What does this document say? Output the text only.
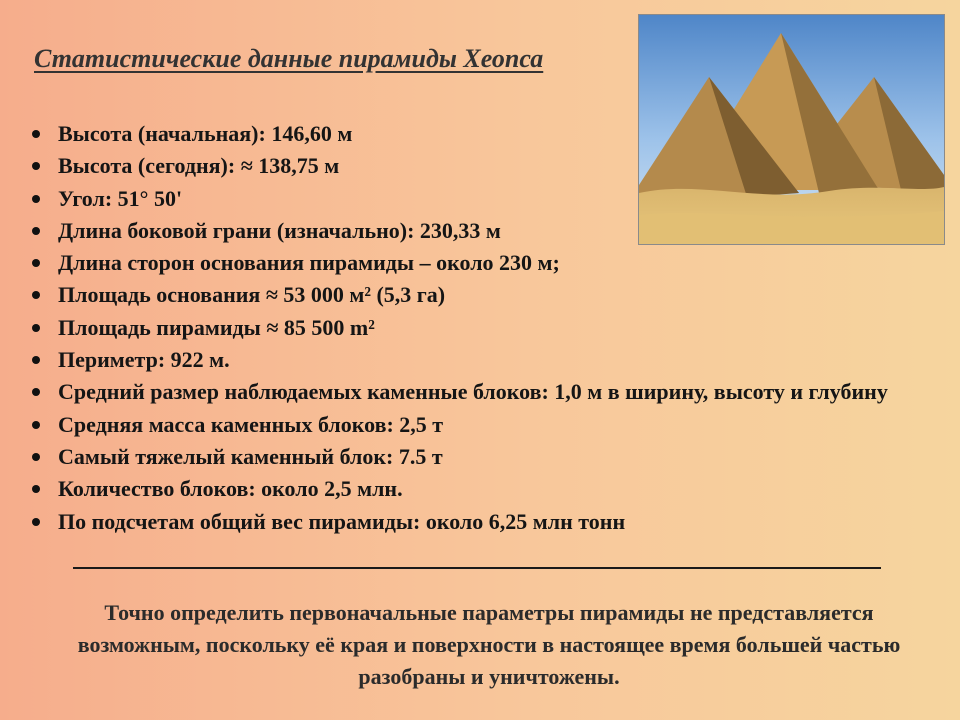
Статистические данные пирамиды Хеопса
Высота (начальная): 146,60 м
Высота (сегодня): ≈ 138,75 м
Угол: 51° 50'
Длина боковой грани (изначально): 230,33 м
Длина сторон основания пирамиды – около 230 м;
Площадь основания ≈ 53 000 м² (5,3 га)
Площадь пирамиды ≈ 85 500 m²
Периметр: 922 м.
Средний размер наблюдаемых каменные блоков: 1,0 м в ширину, высоту и глубину
Средняя масса каменных блоков: 2,5 т
Самый тяжелый каменный блок: 7.5 т
Количество блоков: около 2,5 млн.
По подсчетам общий вес пирамиды: около 6,25 млн тонн

Точно определить первоначальные параметры пирамиды не представляется возможным, поскольку её края и поверхности в настоящее время большей частью разобраны и уничтожены.
